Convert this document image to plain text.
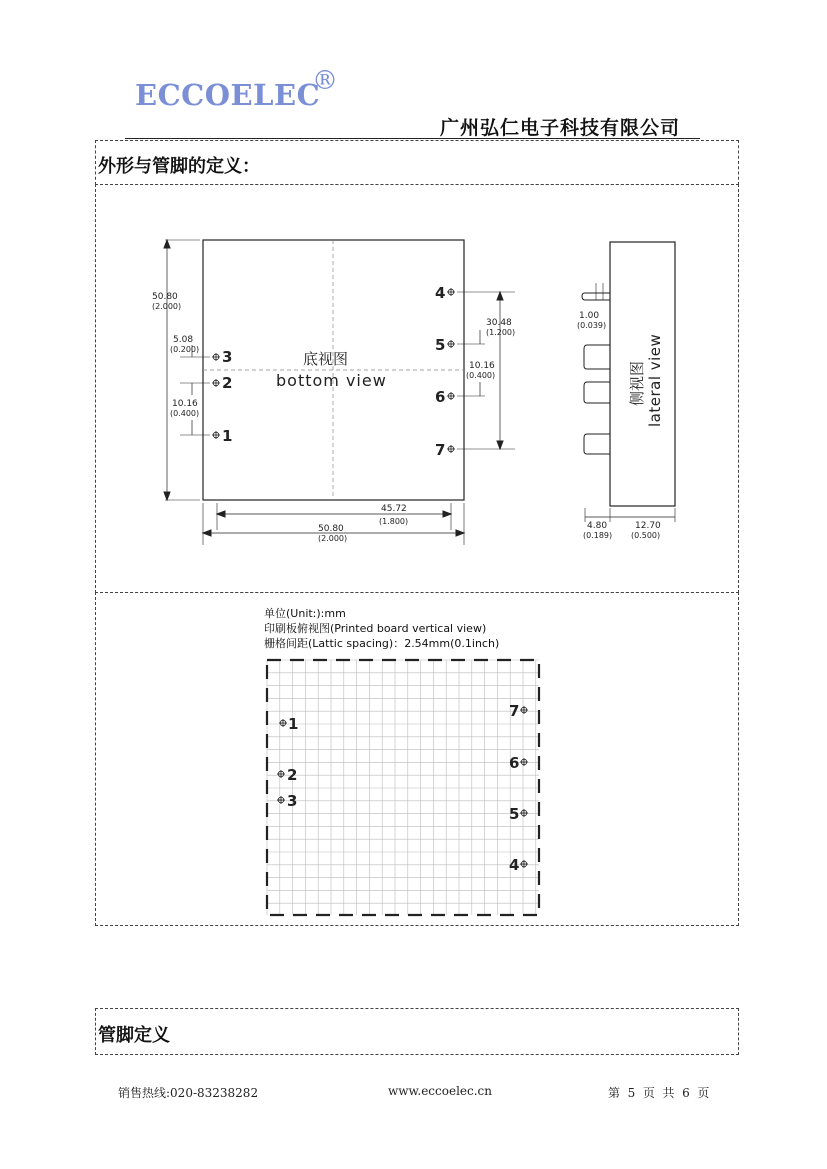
ECCOELEC
®
广州弘仁电子科技有限公司
外形与管脚的定义：
底视图
bottom view
3
2
1
4
5
6
7
50.80
(2.000)
5.08
(0.200)
10.16
(0.400)
30.48
(1.200)
10.16
(0.400)
45.72
(1.800)
50.80
(2.000)
1.00
(0.039)
4.80
(0.189)
12.70
(0.500)
侧视图 lateral view
单位(Unit:):mm
印刷板俯视图(Printed board vertical view)
栅格间距(Lattic spacing)：2.54mm(0.1inch)
1
2
3
7
6
5
4
管脚定义
销售热线:020-83238282	www.eccoelec.cn	第  5  页  共  6  页
